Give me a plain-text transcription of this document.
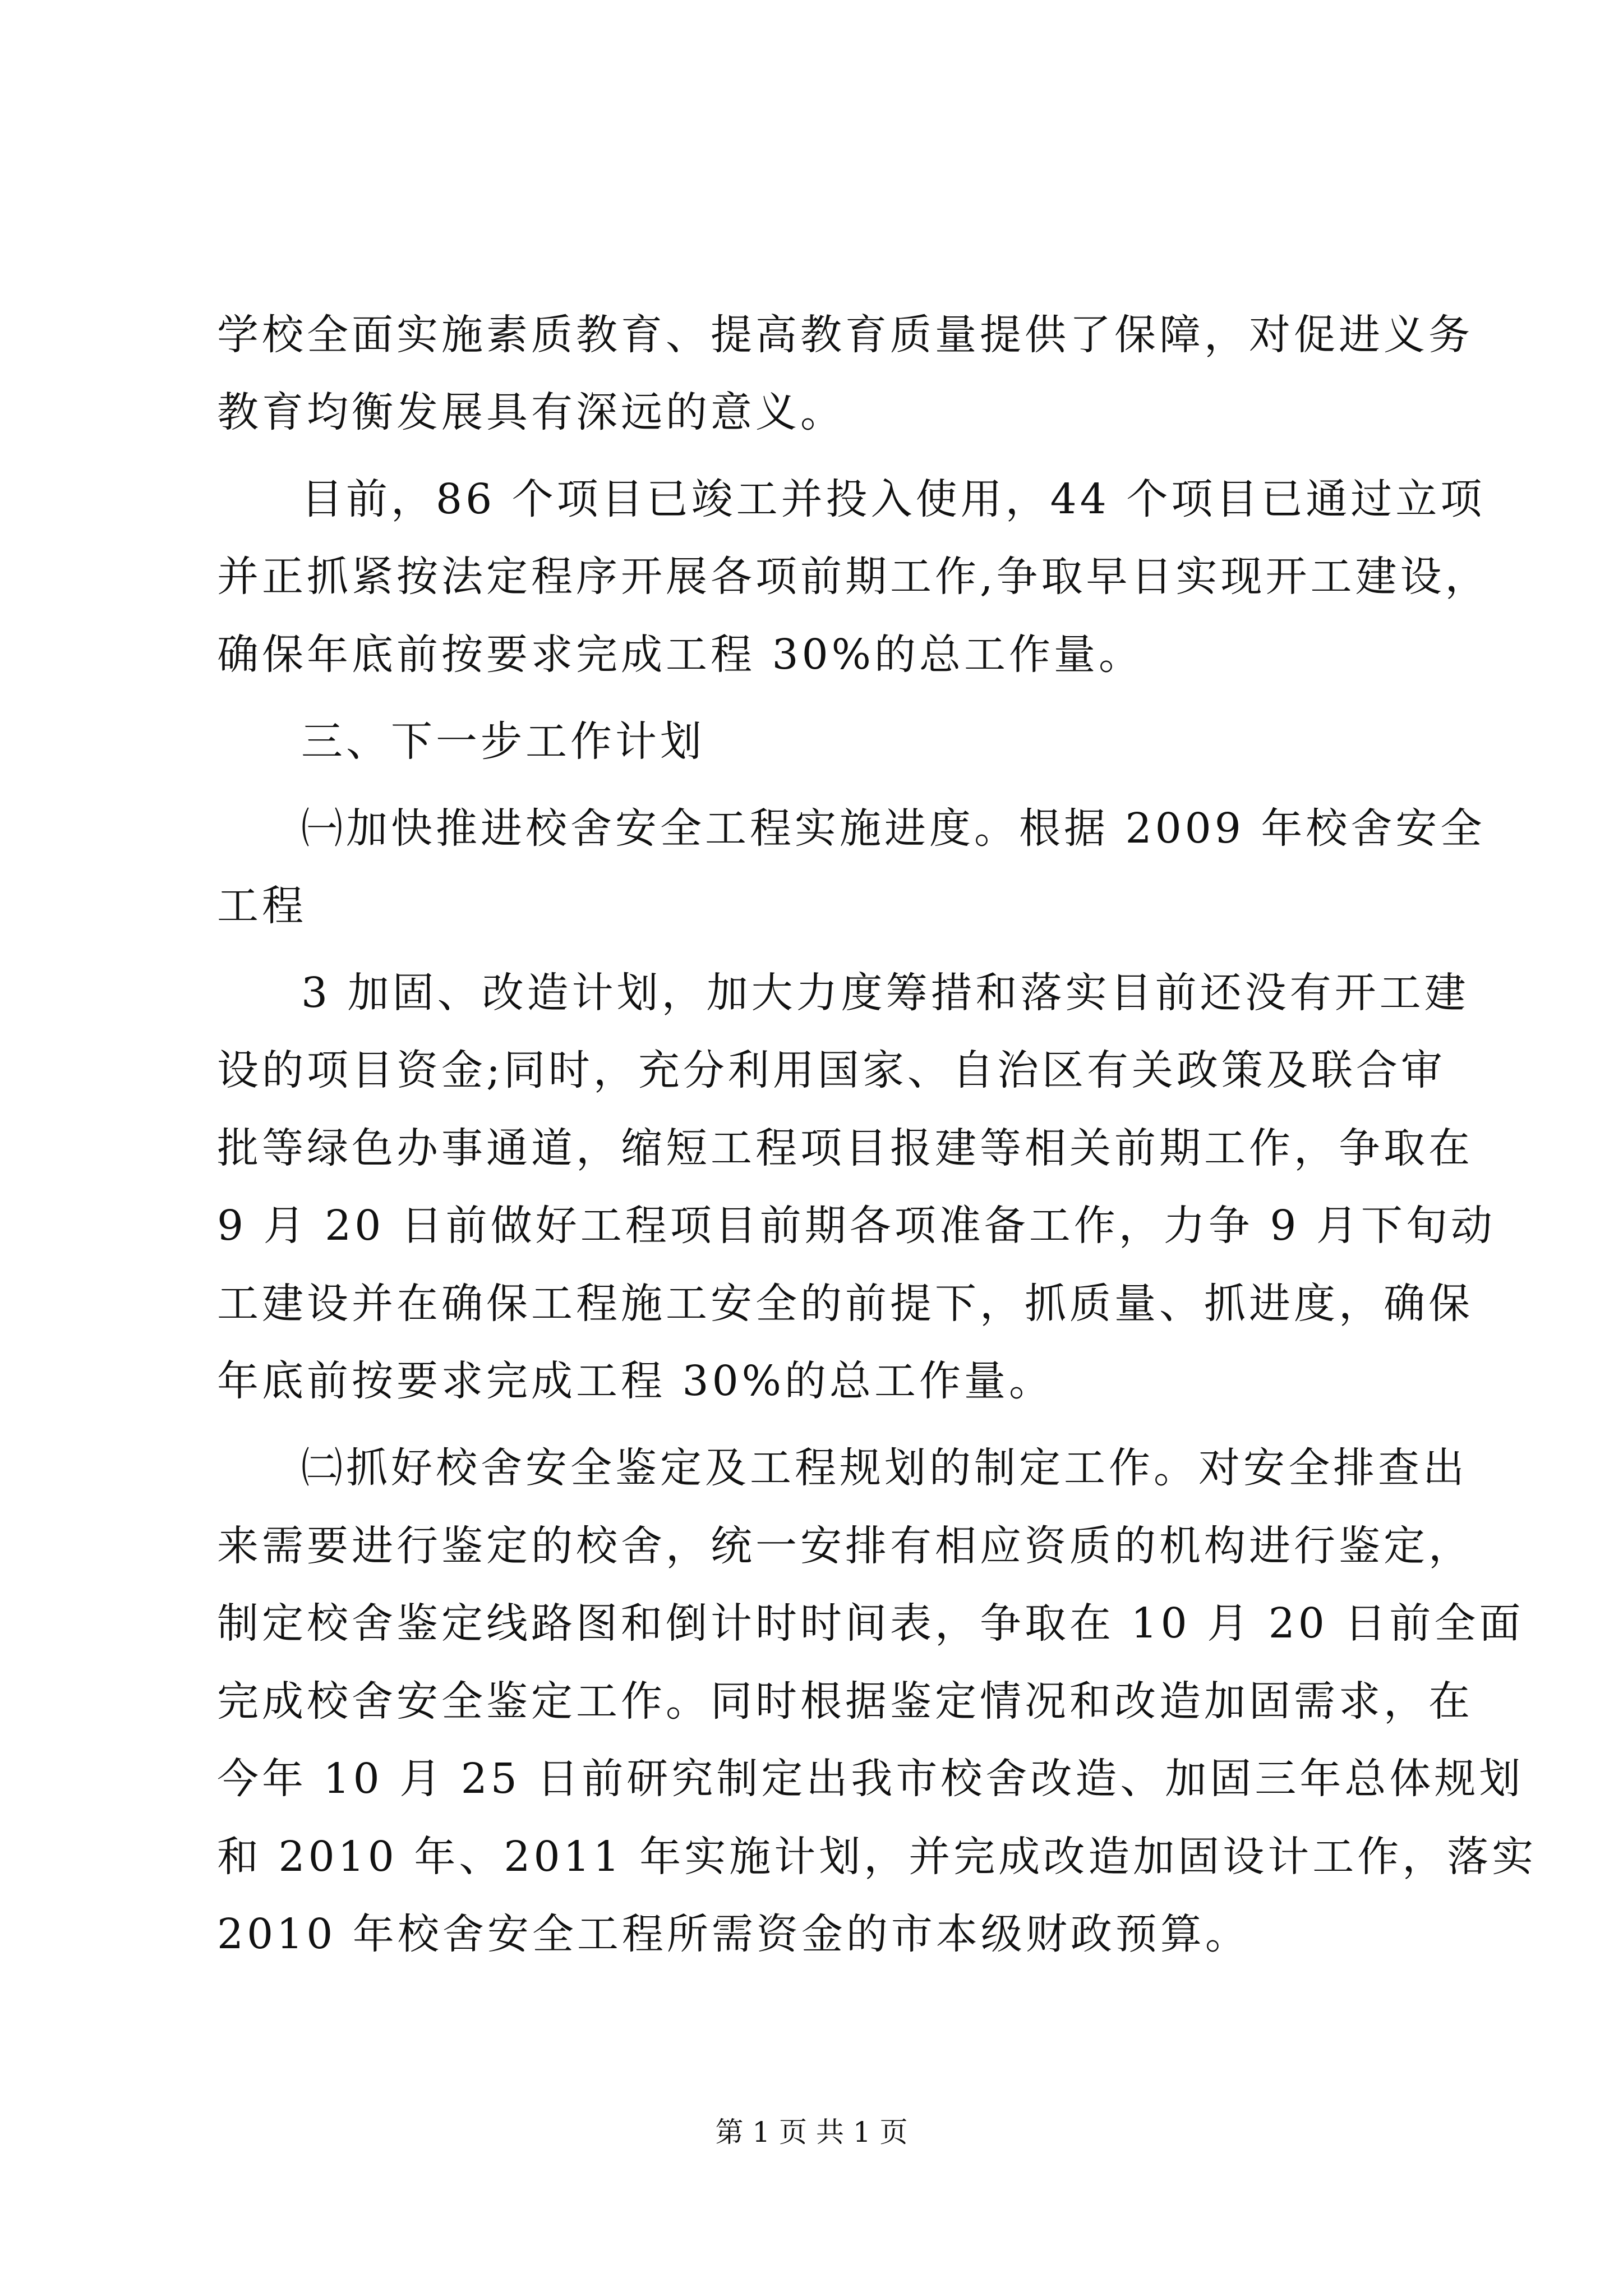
学校全面实施素质教育、提高教育质量提供了保障，对促进义务
教育均衡发展具有深远的意义。
目前，86 个项目已竣工并投入使用，44 个项目已通过立项
并正抓紧按法定程序开展各项前期工作,争取早日实现开工建设，
确保年底前按要求完成工程 30%的总工作量。
三、下一步工作计划
㈠加快推进校舍安全工程实施进度。根据 2009 年校舍安全
工程
3 加固、改造计划，加大力度筹措和落实目前还没有开工建
设的项目资金;同时，充分利用国家、自治区有关政策及联合审
批等绿色办事通道，缩短工程项目报建等相关前期工作，争取在
9 月 20 日前做好工程项目前期各项准备工作，力争 9 月下旬动
工建设并在确保工程施工安全的前提下，抓质量、抓进度，确保
年底前按要求完成工程 30%的总工作量。
㈡抓好校舍安全鉴定及工程规划的制定工作。对安全排查出
来需要进行鉴定的校舍，统一安排有相应资质的机构进行鉴定，
制定校舍鉴定线路图和倒计时时间表，争取在 10 月 20 日前全面
完成校舍安全鉴定工作。同时根据鉴定情况和改造加固需求，在
今年 10 月 25 日前研究制定出我市校舍改造、加固三年总体规划
和 2010 年、2011 年实施计划，并完成改造加固设计工作，落实
2010 年校舍安全工程所需资金的市本级财政预算。
第 1 页 共 1 页
